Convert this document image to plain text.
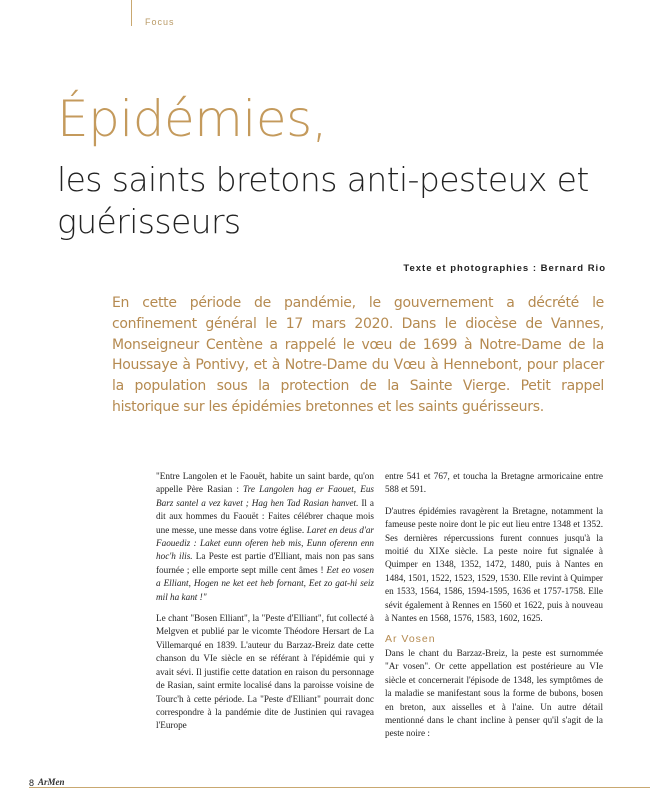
Focus
Épidémies,
les saints bretons anti-pesteux et guérisseurs
Texte et photographies : Bernard Rio
En cette période de pandémie, le gouvernement a décrété le confinement général le 17 mars 2020. Dans le diocèse de Vannes, Monseigneur Centène a rappelé le vœu de 1699 à Notre-Dame de la Houssaye à Pontivy, et à Notre-Dame du Vœu à Hennebont, pour placer la population sous la protection de la Sainte Vierge. Petit rappel historique sur les épidémies bretonnes et les saints guérisseurs.

"Entre Langolen et le Faouët, habite un saint barde, qu'on appelle Père Rasian : Tre Langolen hag er Faouet, Eus Barz santel a vez kavet ; Hag hen Tad Rasian hanvet. Il a dit aux hommes du Faouët : Faites célébrer chaque mois une messe, une messe dans votre église. Laret en deus d'ar Faouediz : Laket eunn oferen heb mis, Eunn oferenn enn hoc'h ilis. La Peste est partie d'Elliant, mais non pas sans fournée ; elle emporte sept mille cent âmes ! Eet eo vosen a Elliant, Hogen ne ket eet heb fornant, Eet zo gat-hi seiz mil ha kant !"

Le chant "Bosen Elliant", la "Peste d'Elliant", fut collecté à Melgven et publié par le vicomte Théodore Hersart de La Villemarqué en 1839. L'auteur du Barzaz-Breiz date cette chanson du VIe siècle en se référant à l'épidémie qui y avait sévi. Il justifie cette datation en raison du personnage de Rasian, saint ermite localisé dans la paroisse voisine de Tourc'h à cette période. La "Peste d'Elliant" pourrait donc correspondre à la pandémie dite de Justinien qui ravagea l'Europe

entre 541 et 767, et toucha la Bretagne armoricaine entre 588 et 591.

D'autres épidémies ravagèrent la Bretagne, notamment la fameuse peste noire dont le pic eut lieu entre 1348 et 1352. Ses dernières répercussions furent connues jusqu'à la moitié du XIXe siècle. La peste noire fut signalée à Quimper en 1348, 1352, 1472, 1480, puis à Nantes en 1484, 1501, 1522, 1523, 1529, 1530. Elle revint à Quimper en 1533, 1564, 1586, 1594-1595, 1636 et 1757-1758. Elle sévit également à Rennes en 1560 et 1622, puis à nouveau à Nantes en 1568, 1576, 1583, 1602, 1625.

Ar Vosen

Dans le chant du Barzaz-Breiz, la peste est surnommée "Ar vosen". Or cette appellation est postérieure au VIe siècle et concernerait l'épisode de 1348, les symptômes de la maladie se manifestant sous la forme de bubons, bosen en breton, aux aisselles et à l'aine. Un autre détail mentionné dans le chant incline à penser qu'il s'agit de la peste noire :

8 ArMen
